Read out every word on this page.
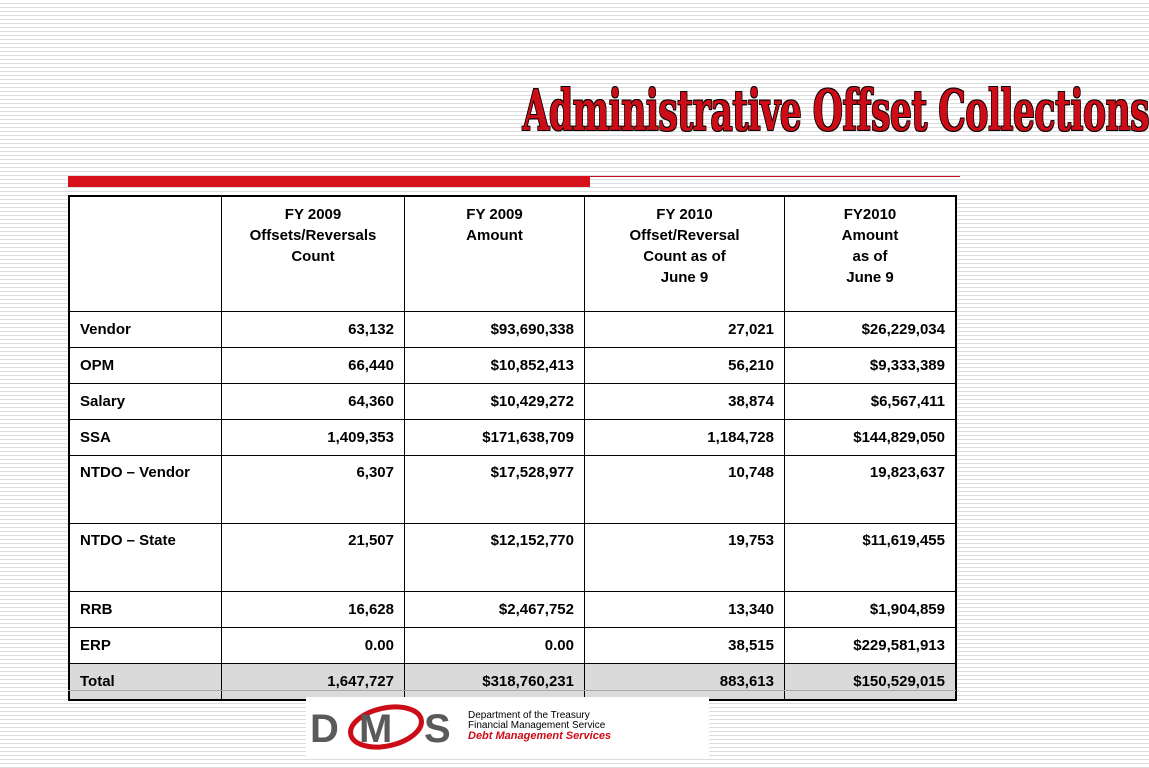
Administrative Offset Collections

	FY 2009
Offsets/Reversals
Count	FY 2009
Amount	FY 2010
Offset/Reversal
Count as of
June 9	FY2010
Amount
as of
June 9

Vendor	63,132	$93,690,338	27,021	$26,229,034
OPM	66,440	$10,852,413	56,210	$9,333,389
Salary	64,360	$10,429,272	38,874	$6,567,411
SSA	1,409,353	$171,638,709	1,184,728	$144,829,050
NTDO – Vendor	6,307	$17,528,977	10,748	19,823,637
NTDO – State	21,507	$12,152,770	19,753	$11,619,455
RRB	16,628	$2,467,752	13,340	$1,904,859
ERP	0.00	0.00	38,515	$229,581,913
Total	1,647,727	$318,760,231	883,613	$150,529,015
D M S Department of the Treasury
Financial Management Service
Debt Management Services
